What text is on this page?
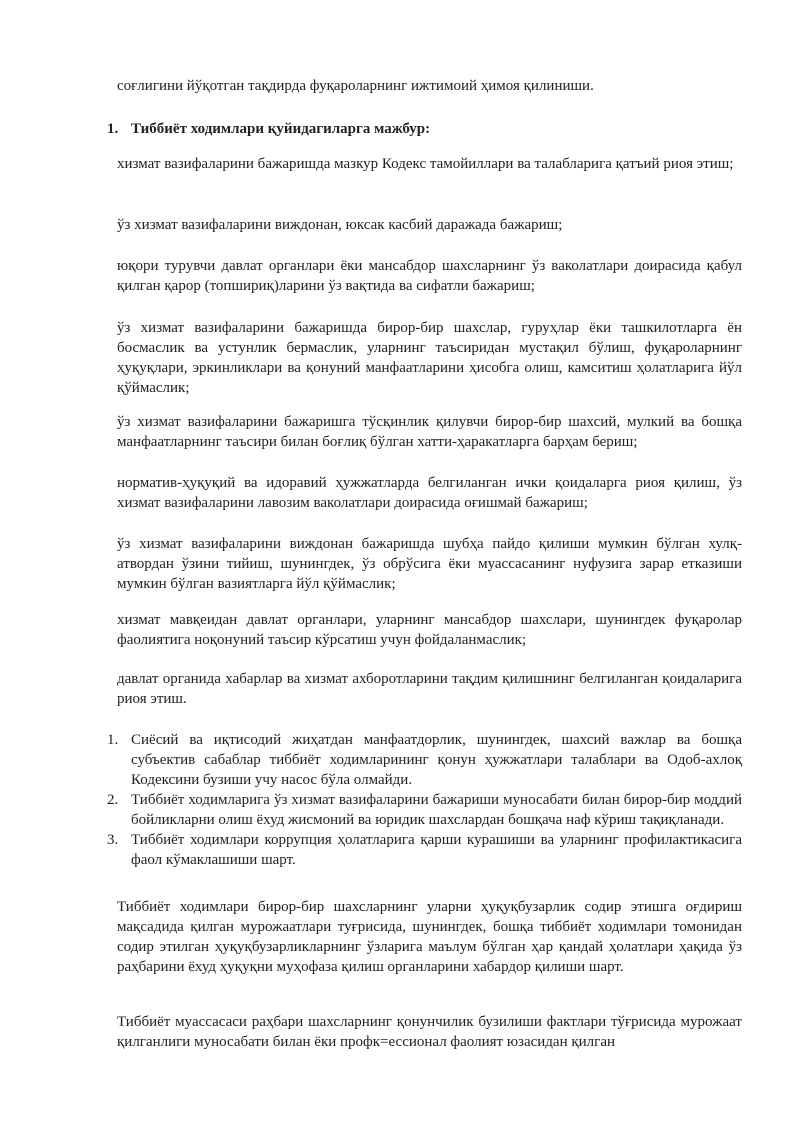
соғлигини йўқотган тақдирда фуқароларнинг ижтимоий ҳимоя қилиниши.

1. Тиббиёт ходимлари қуйидагиларга мажбур:

хизмат вазифаларини бажаришда мазкур Кодекс тамойиллари ва талабларига қатъий риоя этиш;

ўз хизмат вазифаларини виждонан, юксак касбий даражада бажариш;

юқори турувчи давлат органлари ёки мансабдор шахсларнинг ўз ваколатлари доирасида қабул қилган қарор (топшириқ)ларини ўз вақтида ва сифатли бажариш;

ўз хизмат вазифаларини бажаришда бирор-бир шахслар, гуруҳлар ёки ташкилотларга ён босмаслик ва устунлик бермаслик, уларнинг таъсиридан мустақил бўлиш, фуқароларнинг ҳуқуқлари, эркинликлари ва қонуний манфаатларини ҳисобга олиш, камситиш ҳолатларига йўл қўймаслик;

ўз хизмат вазифаларини бажаришга тўсқинлик қилувчи бирор-бир шахсий, мулкий ва бошқа манфаатларнинг таъсири билан боғлиқ бўлган хатти-ҳаракатларга барҳам бериш;

норматив-ҳуқуқий ва идоравий ҳужжатларда белгиланган ички қоидаларга риоя қилиш, ўз хизмат вазифаларини лавозим ваколатлари доирасида оғишмай бажариш;

ўз хизмат вазифаларини виждонан бажаришда шубҳа пайдо қилиши мумкин бўлган хулқ-атвордан ўзини тийиш, шунингдек, ўз обрўсига ёки муассасанинг нуфузига зарар етказиши мумкин бўлган вазиятларга йўл қўймаслик;

хизмат мавқеидан давлат органлари, уларнинг мансабдор шахслари, шунингдек фуқаролар фаолиятига ноқонуний таъсир кўрсатиш учун фойдаланмаслик;

давлат органида хабарлар ва хизмат ахборотларини тақдим қилишнинг белгиланган қоидаларига риоя этиш.

1. Сиёсий ва иқтисодий жиҳатдан манфаатдорлик, шунингдек, шахсий важлар ва бошқа субъектив сабаблар тиббиёт ходимларининг қонун ҳужжатлари талаблари ва Одоб-ахлоқ Кодексини бузиши учу насос бўла олмайди.
2. Тиббиёт ходимларига ўз хизмат вазифаларини бажариши муносабати билан бирор-бир моддий бойликларни олиш ёхуд жисмоний ва юридик шахслардан бошқача наф кўриш тақиқланади.
3. Тиббиёт ходимлари коррупция ҳолатларига қарши курашиши ва уларнинг профилактикасига фаол кўмаклашиши шарт.

Тиббиёт ходимлари бирор-бир шахсларнинг уларни ҳуқуқбузарлик содир этишга оғдириш мақсадида қилган мурожаатлари туғрисида, шунингдек, бошқа тиббиёт ходимлари томонидан содир этилган ҳуқуқбузарликларнинг ўзларига маълум бўлган ҳар қандай ҳолатлари ҳақида ўз раҳбарини ёхуд ҳуқуқни муҳофаза қилиш органларини хабардор қилиши шарт.

Тиббиёт муассасаси раҳбари шахсларнинг қонунчилик бузилиши фактлари тўғрисида мурожаат қилганлиги муносабати билан ёки профк=ессионал фаолият юзасидан қилган
